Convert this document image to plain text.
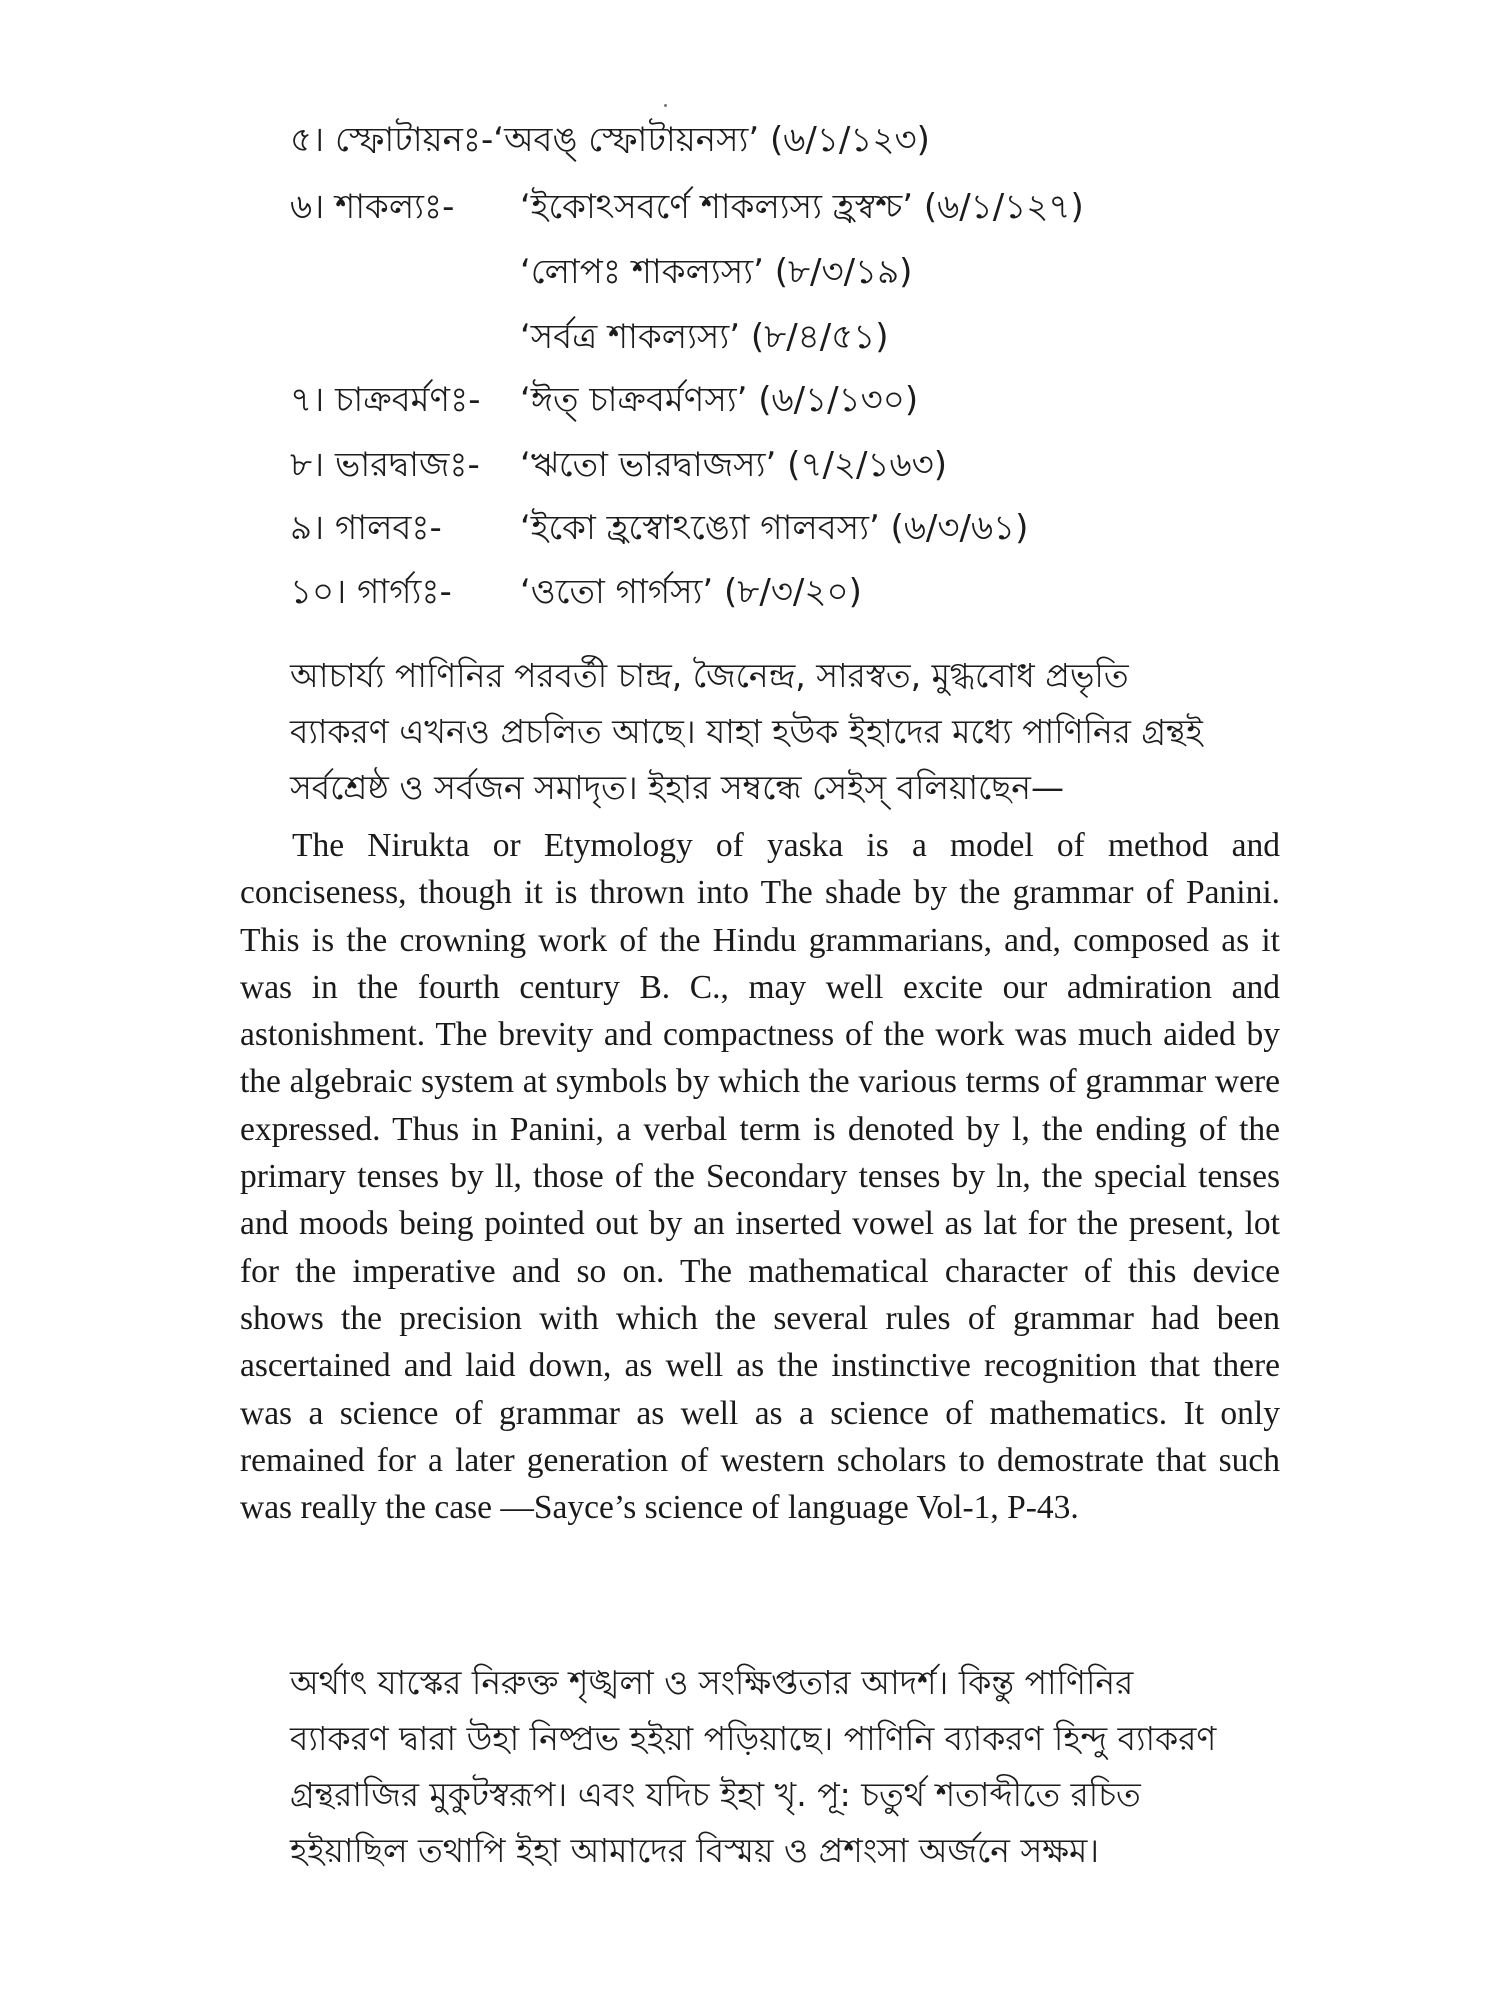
৫। স্ফোটায়নঃ-‘অবঙ্ স্ফোটায়নস্য’ (৬/১/১২৩)
৬। শাকল্যঃ- ‘ইকোঽসবর্ণে শাকল্যস্য হ্রস্বশ্চ’ (৬/১/১২৭)
‘লোপঃ শাকল্যস্য’ (৮/৩/১৯)
‘সর্বত্র শাকল্যস্য’ (৮/৪/৫১)
৭। চাক্রবর্মণঃ- ‘ঈত্ চাক্রবর্মণস্য’ (৬/১/১৩০)
৮। ভারদ্বাজঃ- ‘ঋতো ভারদ্বাজস্য’ (৭/২/১৬৩)
৯। গালবঃ- ‘ইকো হ্রস্বোঽঙ্যো গালবস্য’ (৬/৩/৬১)
১০। গার্গ্যঃ- ‘ওতো গার্গস্য’ (৮/৩/২০)
আচার্য্য পাণিনির পরবর্তী চান্দ্র, জৈনেন্দ্র, সারস্বত, মুগ্ধবোধ প্রভৃতি
ব্যাকরণ এখনও প্রচলিত আছে। যাহা হউক ইহাদের মধ্যে পাণিনির গ্রন্থই
সর্বশ্রেষ্ঠ ও সর্বজন সমাদৃত। ইহার সম্বন্ধে সেইস্ বলিয়াছেন—

The Nirukta or Etymology of yaska is a model of method and conciseness, though it is thrown into The shade by the grammar of Panini. This is the crowning work of the Hindu grammarians, and, composed as it was in the fourth century B. C., may well excite our admiration and astonishment. The brevity and compactness of the work was much aided by the algebraic system at symbols by which the various terms of grammar were expressed. Thus in Panini, a verbal term is denoted by l, the ending of the primary tenses by ll, those of the Secondary tenses by ln, the special tenses and moods being pointed out by an inserted vowel as lat for the present, lot for the imperative and so on. The mathematical character of this device shows the precision with which the several rules of grammar had been ascertained and laid down, as well as the instinctive recognition that there was a science of grammar as well as a science of mathematics. It only remained for a later generation of western scholars to demostrate that such was really the case —Sayce’s science of language Vol-1, P-43.

অর্থাৎ যাস্কের নিরুক্ত শৃঙ্খলা ও সংক্ষিপ্ততার আদর্শ। কিন্তু পাণিনির
ব্যাকরণ দ্বারা উহা নিষ্প্রভ হইয়া পড়িয়াছে। পাণিনি ব্যাকরণ হিন্দু ব্যাকরণ
গ্রন্থরাজির মুকুটস্বরূপ। এবং যদিচ ইহা খৃ. পূ: চতুর্থ শতাব্দীতে রচিত
হইয়াছিল তথাপি ইহা আমাদের বিস্ময় ও প্রশংসা অর্জনে সক্ষম।
